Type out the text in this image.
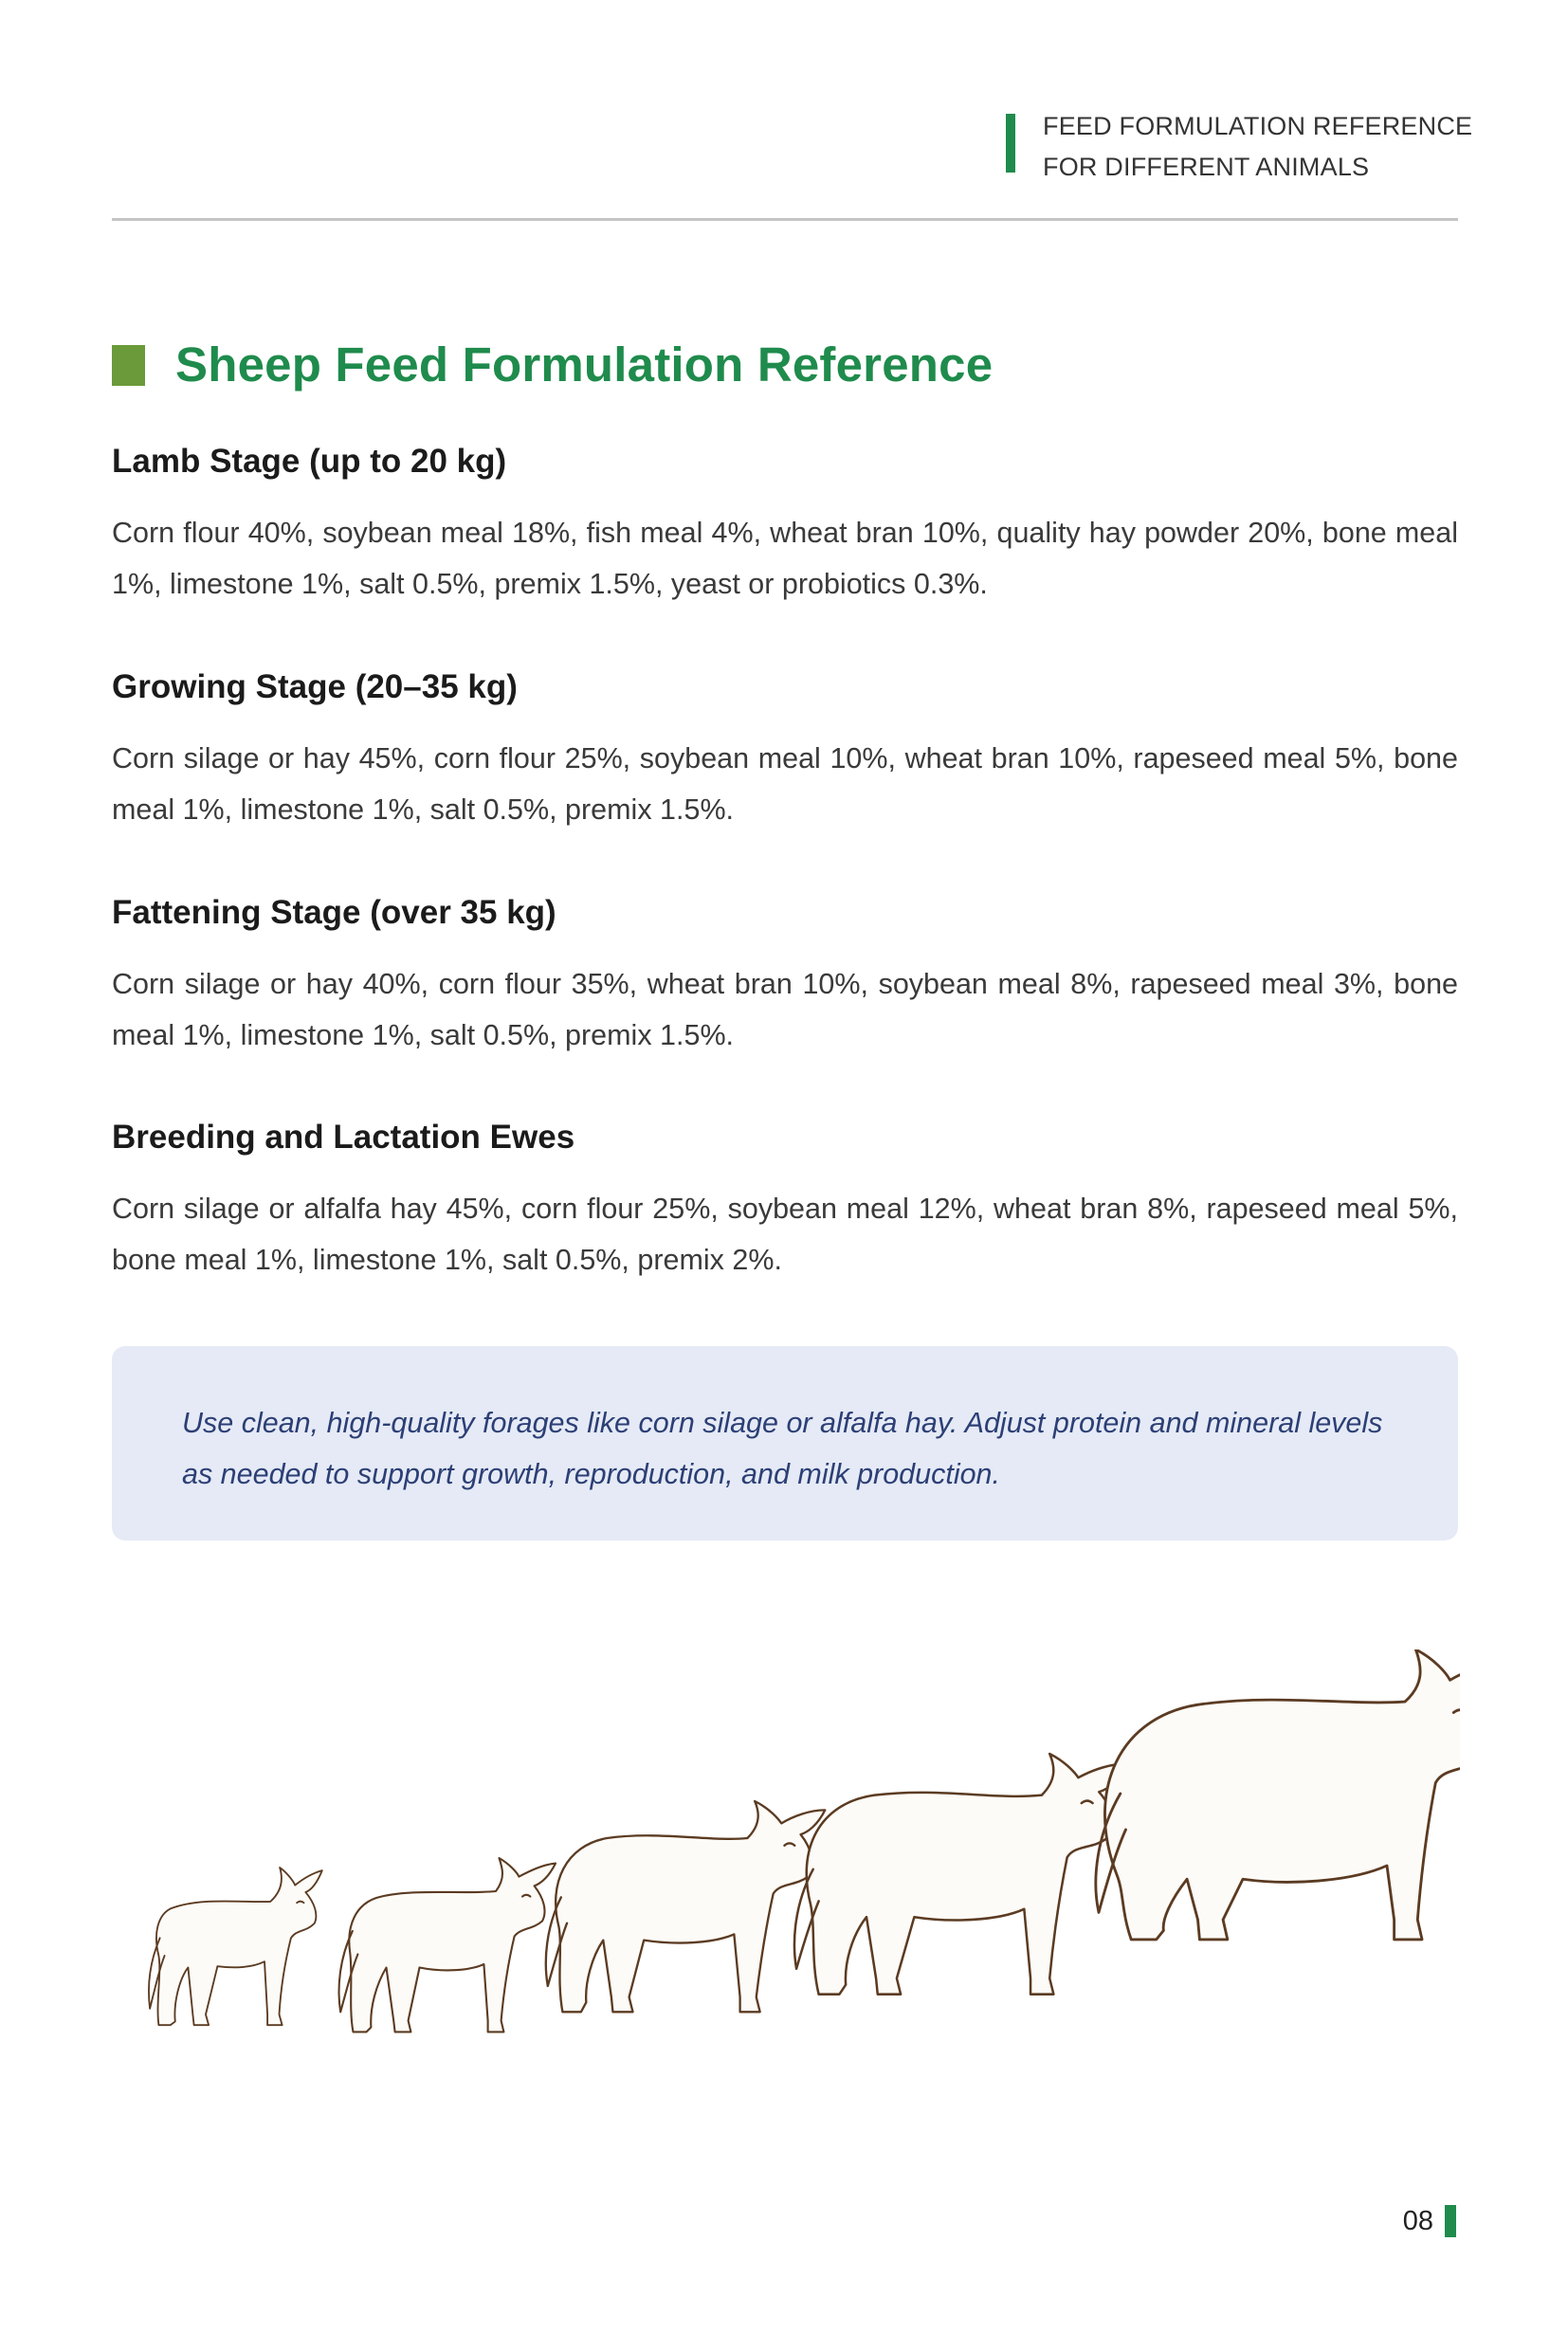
FEED FORMULATION REFERENCE
FOR DIFFERENT ANIMALS
Sheep Feed Formulation Reference
Lamb Stage (up to 20 kg)

Corn flour 40%, soybean meal 18%, fish meal 4%, wheat bran 10%, quality hay powder 20%, bone meal 1%, limestone 1%, salt 0.5%, premix 1.5%, yeast or probiotics 0.3%.

Growing Stage (20–35 kg)

Corn silage or hay 45%, corn flour 25%, soybean meal 10%, wheat bran 10%, rapeseed meal 5%, bone meal 1%, limestone 1%, salt 0.5%, premix 1.5%.

Fattening Stage (over 35 kg)

Corn silage or hay 40%, corn flour 35%, wheat bran 10%, soybean meal 8%, rapeseed meal 3%, bone meal 1%, limestone 1%, salt 0.5%, premix 1.5%.

Breeding and Lactation Ewes

Corn silage or alfalfa hay 45%, corn flour 25%, soybean meal 12%, wheat bran 8%, rapeseed meal 5%, bone meal 1%, limestone 1%, salt 0.5%, premix 2%.

Use clean, high-quality forages like corn silage or alfalfa hay. Adjust protein and mineral levels as needed to support growth, reproduction, and milk production.

08
